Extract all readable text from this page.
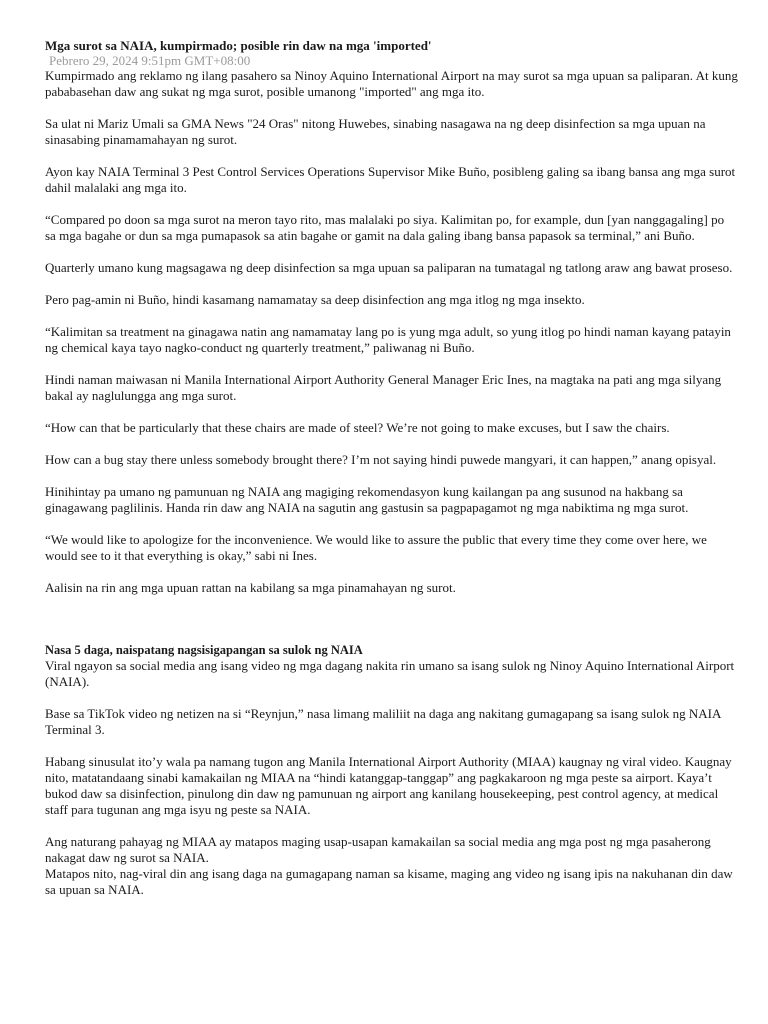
Mga surot sa NAIA, kumpirmado; posible rin daw na mga 'imported'
Pebrero 29, 2024 9:51pm GMT+08:00

Kumpirmado ang reklamo ng ilang pasahero sa Ninoy Aquino International Airport na may surot sa mga upuan sa paliparan. At kung pababasehan daw ang sukat ng mga surot, posible umanong "imported" ang mga ito.

Sa ulat ni Mariz Umali sa GMA News "24 Oras" nitong Huwebes, sinabing nasagawa na ng deep disinfection sa mga upuan na sinasabing pinamamahayan ng surot.

Ayon kay NAIA Terminal 3 Pest Control Services Operations Supervisor Mike Buño, posibleng galing sa ibang bansa ang mga surot dahil malalaki ang mga ito.

“Compared po doon sa mga surot na meron tayo rito, mas malalaki po siya. Kalimitan po, for example, dun [yan nanggagaling] po sa mga bagahe or dun sa mga pumapasok sa atin bagahe or gamit na dala galing ibang bansa papasok sa terminal,” ani Buño.

Quarterly umano kung magsagawa ng deep disinfection sa mga upuan sa paliparan na tumatagal ng tatlong araw ang bawat proseso.

Pero pag-amin ni Buño, hindi kasamang namamatay sa deep disinfection ang mga itlog ng mga insekto.

“Kalimitan sa treatment na ginagawa natin ang namamatay lang po is yung mga adult, so yung itlog po hindi naman kayang patayin ng chemical kaya tayo nagko-conduct ng quarterly treatment,” paliwanag ni Buño.

Hindi naman maiwasan ni Manila International Airport Authority General Manager Eric Ines, na magtaka na pati ang mga silyang bakal ay naglulungga ang mga surot.

“How can that be particularly that these chairs are made of steel? We’re not going to make excuses, but I saw the chairs.

How can a bug stay there unless somebody brought there? I’m not saying hindi puwede mangyari, it can happen,” anang opisyal.

Hinihintay pa umano ng pamunuan ng NAIA ang magiging rekomendasyon kung kailangan pa ang susunod na hakbang sa ginagawang paglilinis. Handa rin daw ang NAIA na sagutin ang gastusin sa pagpapagamot ng mga nabiktima ng mga surot.

“We would like to apologize for the inconvenience. We would like to assure the public that every time they come over here, we would see to it that everything is okay,” sabi ni Ines.

Aalisin na rin ang mga upuan rattan na kabilang sa mga pinamahayan ng surot.

Nasa 5 daga, naispatang nagsisigapangan sa sulok ng NAIA

Viral ngayon sa social media ang isang video ng mga dagang nakita rin umano sa isang sulok ng Ninoy Aquino International Airport (NAIA).

Base sa TikTok video ng netizen na si “Reynjun,” nasa limang maliliit na daga ang nakitang gumagapang sa isang sulok ng NAIA Terminal 3.

Habang sinusulat ito’y wala pa namang tugon ang Manila International Airport Authority (MIAA) kaugnay ng viral video. Kaugnay nito, matatandaang sinabi kamakailan ng MIAA na “hindi katanggap-tanggap” ang pagkakaroon ng mga peste sa airport. Kaya’t bukod daw sa disinfection, pinulong din daw ng pamunuan ng airport ang kanilang housekeeping, pest control agency, at medical staff para tugunan ang mga isyu ng peste sa NAIA.

Ang naturang pahayag ng MIAA ay matapos maging usap-usapan kamakailan sa social media ang mga post ng mga pasaherong nakagat daw ng surot sa NAIA.

Matapos nito, nag-viral din ang isang daga na gumagapang naman sa kisame, maging ang video ng isang ipis na nakuhanan din daw sa upuan sa NAIA.
